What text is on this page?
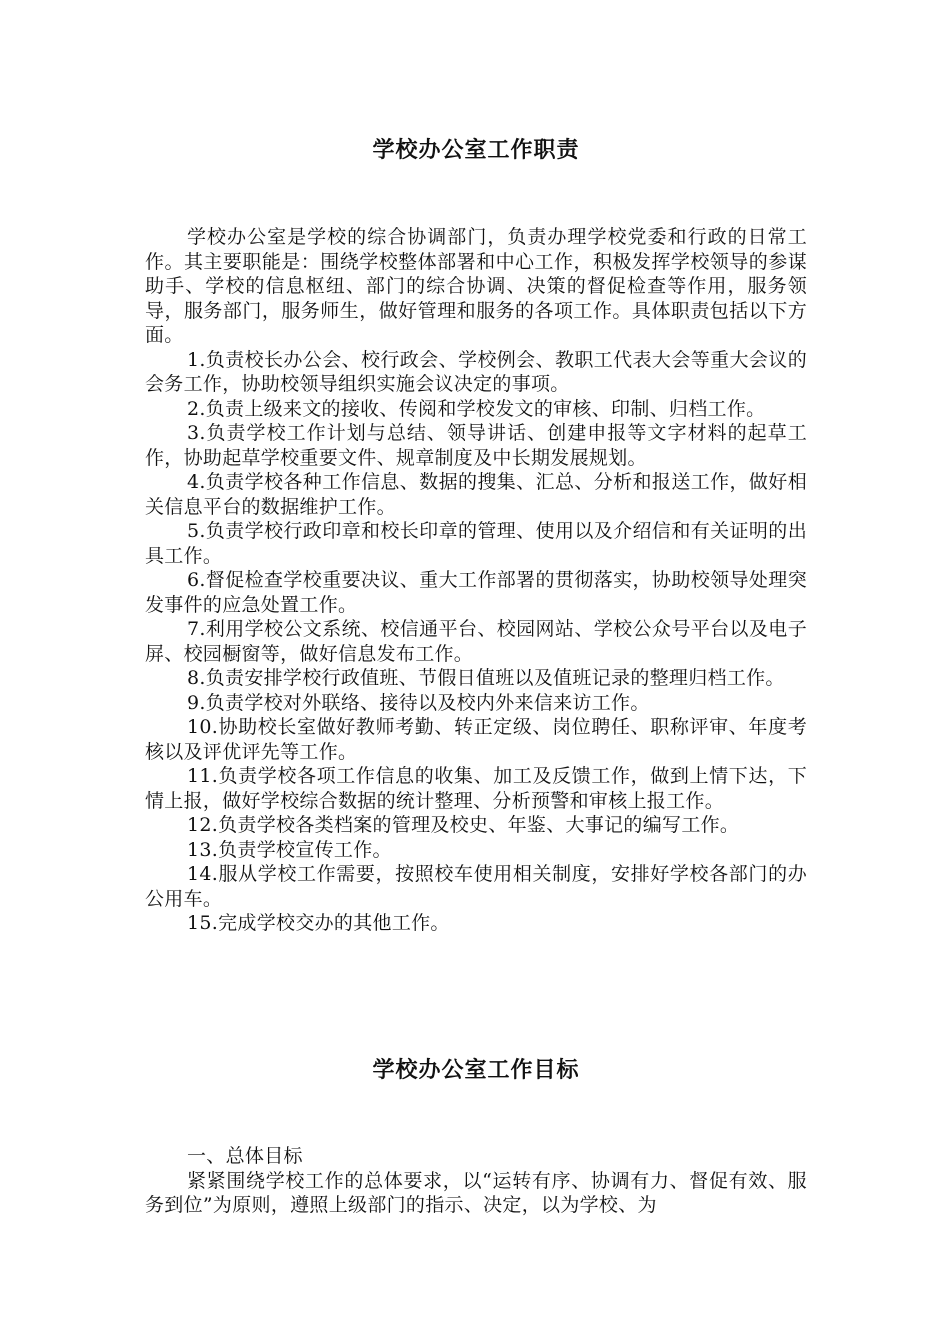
学校办公室工作职责

学校办公室是学校的综合协调部门，负责办理学校党委和行政的日常工作。其主要职能是：围绕学校整体部署和中心工作，积极发挥学校领导的参谋助手、学校的信息枢纽、部门的综合协调、决策的督促检查等作用，服务领导，服务部门，服务师生，做好管理和服务的各项工作。具体职责包括以下方面。

1.负责校长办公会、校行政会、学校例会、教职工代表大会等重大会议的会务工作，协助校领导组织实施会议决定的事项。

2.负责上级来文的接收、传阅和学校发文的审核、印制、归档工作。

3.负责学校工作计划与总结、领导讲话、创建申报等文字材料的起草工作，协助起草学校重要文件、规章制度及中长期发展规划。

4.负责学校各种工作信息、数据的搜集、汇总、分析和报送工作，做好相关信息平台的数据维护工作。

5.负责学校行政印章和校长印章的管理、使用以及介绍信和有关证明的出具工作。

6.督促检查学校重要决议、重大工作部署的贯彻落实，协助校领导处理突发事件的应急处置工作。

7.利用学校公文系统、校信通平台、校园网站、学校公众号平台以及电子屏、校园橱窗等，做好信息发布工作。

8.负责安排学校行政值班、节假日值班以及值班记录的整理归档工作。

9.负责学校对外联络、接待以及校内外来信来访工作。

10.协助校长室做好教师考勤、转正定级、岗位聘任、职称评审、年度考核以及评优评先等工作。

11.负责学校各项工作信息的收集、加工及反馈工作，做到上情下达，下情上报，做好学校综合数据的统计整理、分析预警和审核上报工作。

12.负责学校各类档案的管理及校史、年鉴、大事记的编写工作。

13.负责学校宣传工作。

14.服从学校工作需要，按照校车使用相关制度，安排好学校各部门的办公用车。

15.完成学校交办的其他工作。

学校办公室工作目标

一、总体目标

紧紧围绕学校工作的总体要求，以“运转有序、协调有力、督促有效、服务到位”为原则，遵照上级部门的指示、决定，以为学校、为
